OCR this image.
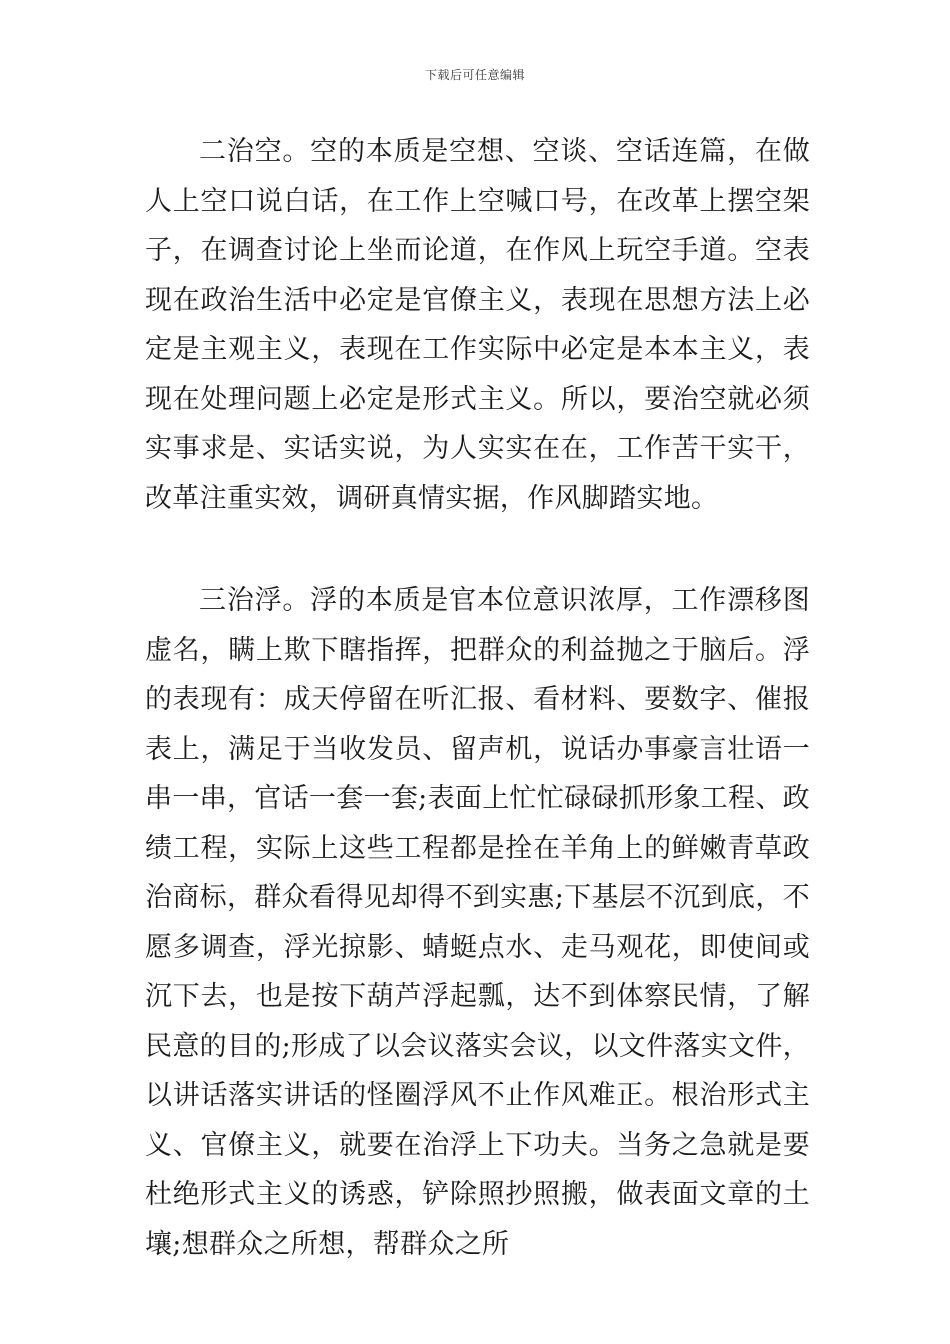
下载后可任意编辑

二治空。空的本质是空想、空谈、空话连篇，在做人上空口说白话，在工作上空喊口号，在改革上摆空架子，在调查讨论上坐而论道，在作风上玩空手道。空表现在政治生活中必定是官僚主义，表现在思想方法上必定是主观主义，表现在工作实际中必定是本本主义，表现在处理问题上必定是形式主义。所以，要治空就必须实事求是、实话实说，为人实实在在，工作苦干实干，改革注重实效，调研真情实据，作风脚踏实地。

三治浮。浮的本质是官本位意识浓厚，工作漂移图虚名，瞒上欺下瞎指挥，把群众的利益抛之于脑后。浮的表现有：成天停留在听汇报、看材料、要数字、催报表上，满足于当收发员、留声机，说话办事豪言壮语一串一串，官话一套一套;表面上忙忙碌碌抓形象工程、政绩工程，实际上这些工程都是拴在羊角上的鲜嫩青草政治商标，群众看得见却得不到实惠;下基层不沉到底，不愿多调查，浮光掠影、蜻蜓点水、走马观花，即使间或沉下去，也是按下葫芦浮起瓢，达不到体察民情，了解民意的目的;形成了以会议落实会议，以文件落实文件，以讲话落实讲话的怪圈浮风不止作风难正。根治形式主义、官僚主义，就要在治浮上下功夫。当务之急就是要杜绝形式主义的诱惑，铲除照抄照搬，做表面文章的土壤;想群众之所想，帮群众之所
